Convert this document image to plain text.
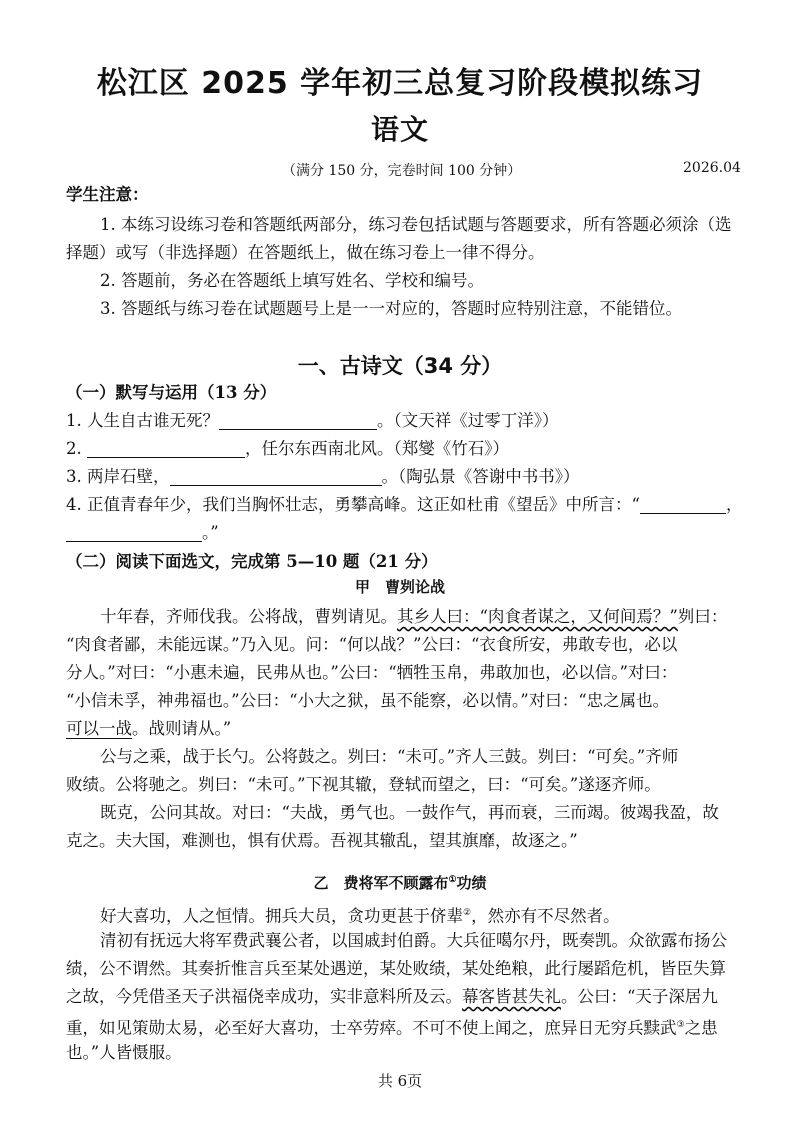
松江区 2025 学年初三总复习阶段模拟练习
语文
（满分 150 分，完卷时间 100 分钟）	2026.04
学生注意：
1. 本练习设练习卷和答题纸两部分，练习卷包括试题与答题要求，所有答题必须涂（选
择题）或写（非选择题）在答题纸上，做在练习卷上一律不得分。
2. 答题前，务必在答题纸上填写姓名、学校和编号。
3. 答题纸与练习卷在试题题号上是一一对应的，答题时应特别注意，不能错位。
一、古诗文（34 分）
（一）默写与运用（13 分）
1. 人生自古谁无死？	。（文天祥《过零丁洋》）
2.	，任尔东西南北风。（郑燮《竹石》）
3. 两岸石壁，	。（陶弘景《答谢中书书》）
4. 正值青春年少，我们当胸怀壮志，勇攀高峰。这正如杜甫《望岳》中所言：“	，
。”
（二）阅读下面选文，完成第 5—10 题（21 分）
甲　曹刿论战
十年春，齐师伐我。公将战，曹刿请见。其乡人曰：“肉食者谋之，又何间焉？”刿曰：
“肉食者鄙，未能远谋。”乃入见。问：“何以战？”公曰：“衣食所安，弗敢专也，必以
分人。”对曰：“小惠未遍，民弗从也。”公曰：“牺牲玉帛，弗敢加也，必以信。”对曰：
“小信未孚，神弗福也。”公曰：“小大之狱，虽不能察，必以情。”对曰：“忠之属也。
可以一战。战则请从。”
公与之乘，战于长勺。公将鼓之。刿曰：“未可。”齐人三鼓。刿曰：“可矣。”齐师
败绩。公将驰之。刿曰：“未可。”下视其辙，登轼而望之，曰：“可矣。”遂逐齐师。
既克，公问其故。对曰：“夫战，勇气也。一鼓作气，再而衰，三而竭。彼竭我盈，故
克之。夫大国，难测也，惧有伏焉。吾视其辙乱，望其旗靡，故逐之。”
乙　费将军不顾露布①功绩
好大喜功，人之恒情。拥兵大员，贪功更甚于侪辈②，然亦有不尽然者。
清初有抚远大将军费武襄公者，以国戚封伯爵。大兵征噶尔丹，既奏凯。众欲露布扬公
绩，公不谓然。其奏折惟言兵至某处遇逆，某处败绩，某处绝粮，此行屡蹈危机，皆臣失算
之故，今凭借圣天子洪福侥幸成功，实非意料所及云。幕客皆甚失礼。公曰：“天子深居九
重，如见策勋太易，必至好大喜功，士卒劳瘁。不可不使上闻之，庶异日无穷兵黩武③之患
也。”人皆慑服。
共 6页
